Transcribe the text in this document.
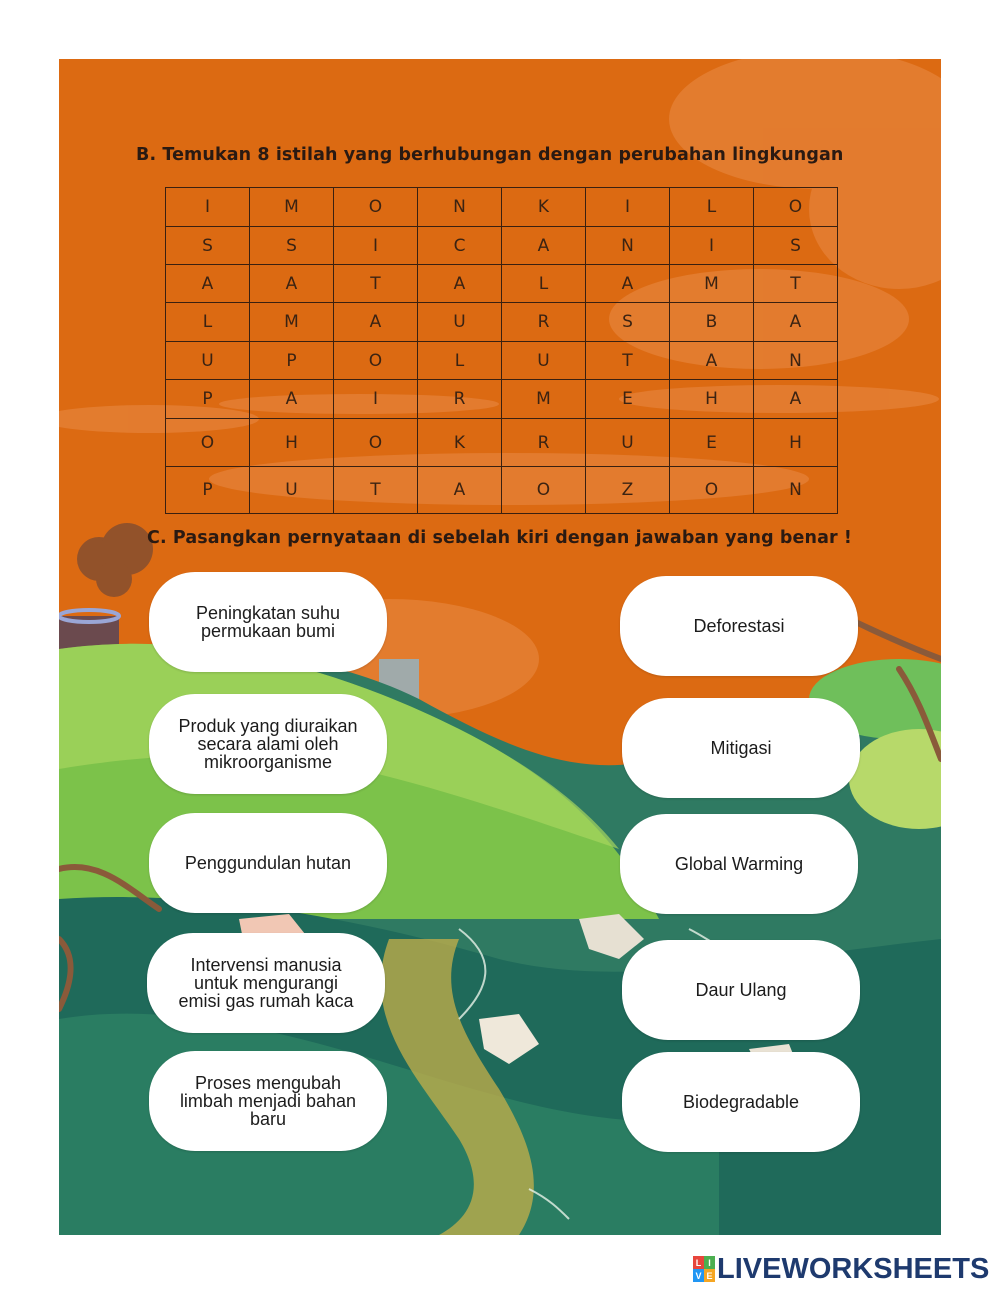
B. Temukan 8 istilah yang berhubungan dengan perubahan lingkungan
I	M	O	N	K	I	L	O
S	S	I	C	A	N	I	S
A	A	T	A	L	A	M	T
L	M	A	U	R	S	B	A
U	P	O	L	U	T	A	N
P	A	I	R	M	E	H	A
O	H	O	K	R	U	E	H
P	U	T	A	O	Z	O	N
C. Pasangkan pernyataan di sebelah kiri dengan jawaban yang benar !
Peningkatan suhu
permukaan bumi
Produk yang diuraikan
secara alami oleh
mikroorganisme
Penggundulan hutan
Intervensi manusia
untuk mengurangi
emisi gas rumah kaca
Proses mengubah
limbah menjadi bahan
baru
Deforestasi
Mitigasi
Global Warming
Daur Ulang
Biodegradable
L I
V E LIVEWORKSHEETS
